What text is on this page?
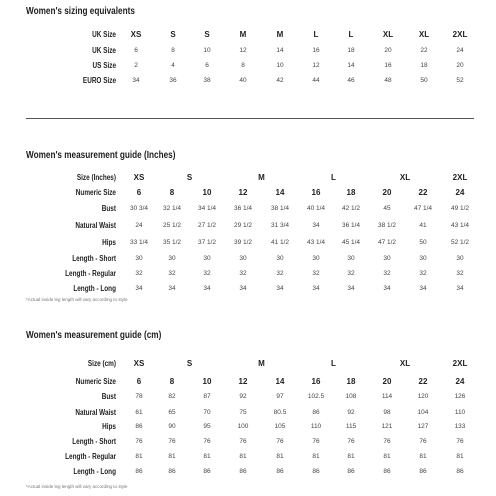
Women's sizing equivalents
Women's measurement guide (Inches)
*Actual inside leg length will vary according to style
Women's measurement guide (cm)
*Actual inside leg length will vary according to style
UK Size	XS	S	S	M	M	L	L	XL	XL	2XL
UK Size	6	8	10	12	14	16	18	20	22	24
US Size	2	4	6	8	10	12	14	16	18	20
EURO Size	34	36	38	40	42	44	46	48	50	52
Size (Inches)	XS	S	M	L	XL	2XL
Numeric Size	6	8	10	12	14	16	18	20	22	24
Bust	30 3/4	32 1/4	34 1/4	36 1/4	38 1/4	40 1/4	42 1/2	45	47 1/4	49 1/2
Natural Waist	24	25 1/2	27 1/2	29 1/2	31 3/4	34	36 1/4	38 1/2	41	43 1/4
Hips	33 1/4	35 1/2	37 1/2	39 1/2	41 1/2	43 1/4	45 1/4	47 1/2	50	52 1/2
Length - Short	30	30	30	30	30	30	30	30	30	30
Length - Regular	32	32	32	32	32	32	32	32	32	32
Length - Long	34	34	34	34	34	34	34	34	34	34
Size (cm)	XS	S	M	L	XL	2XL
Numeric Size	6	8	10	12	14	16	18	20	22	24
Bust	78	82	87	92	97	102.5	108	114	120	126
Natural Waist	61	65	70	75	80.5	86	92	98	104	110
Hips	86	90	95	100	105	110	115	121	127	133
Length - Short	76	76	76	76	76	76	76	76	76	76
Length - Regular	81	81	81	81	81	81	81	81	81	81
Length - Long	86	86	86	86	86	86	86	86	86	86
